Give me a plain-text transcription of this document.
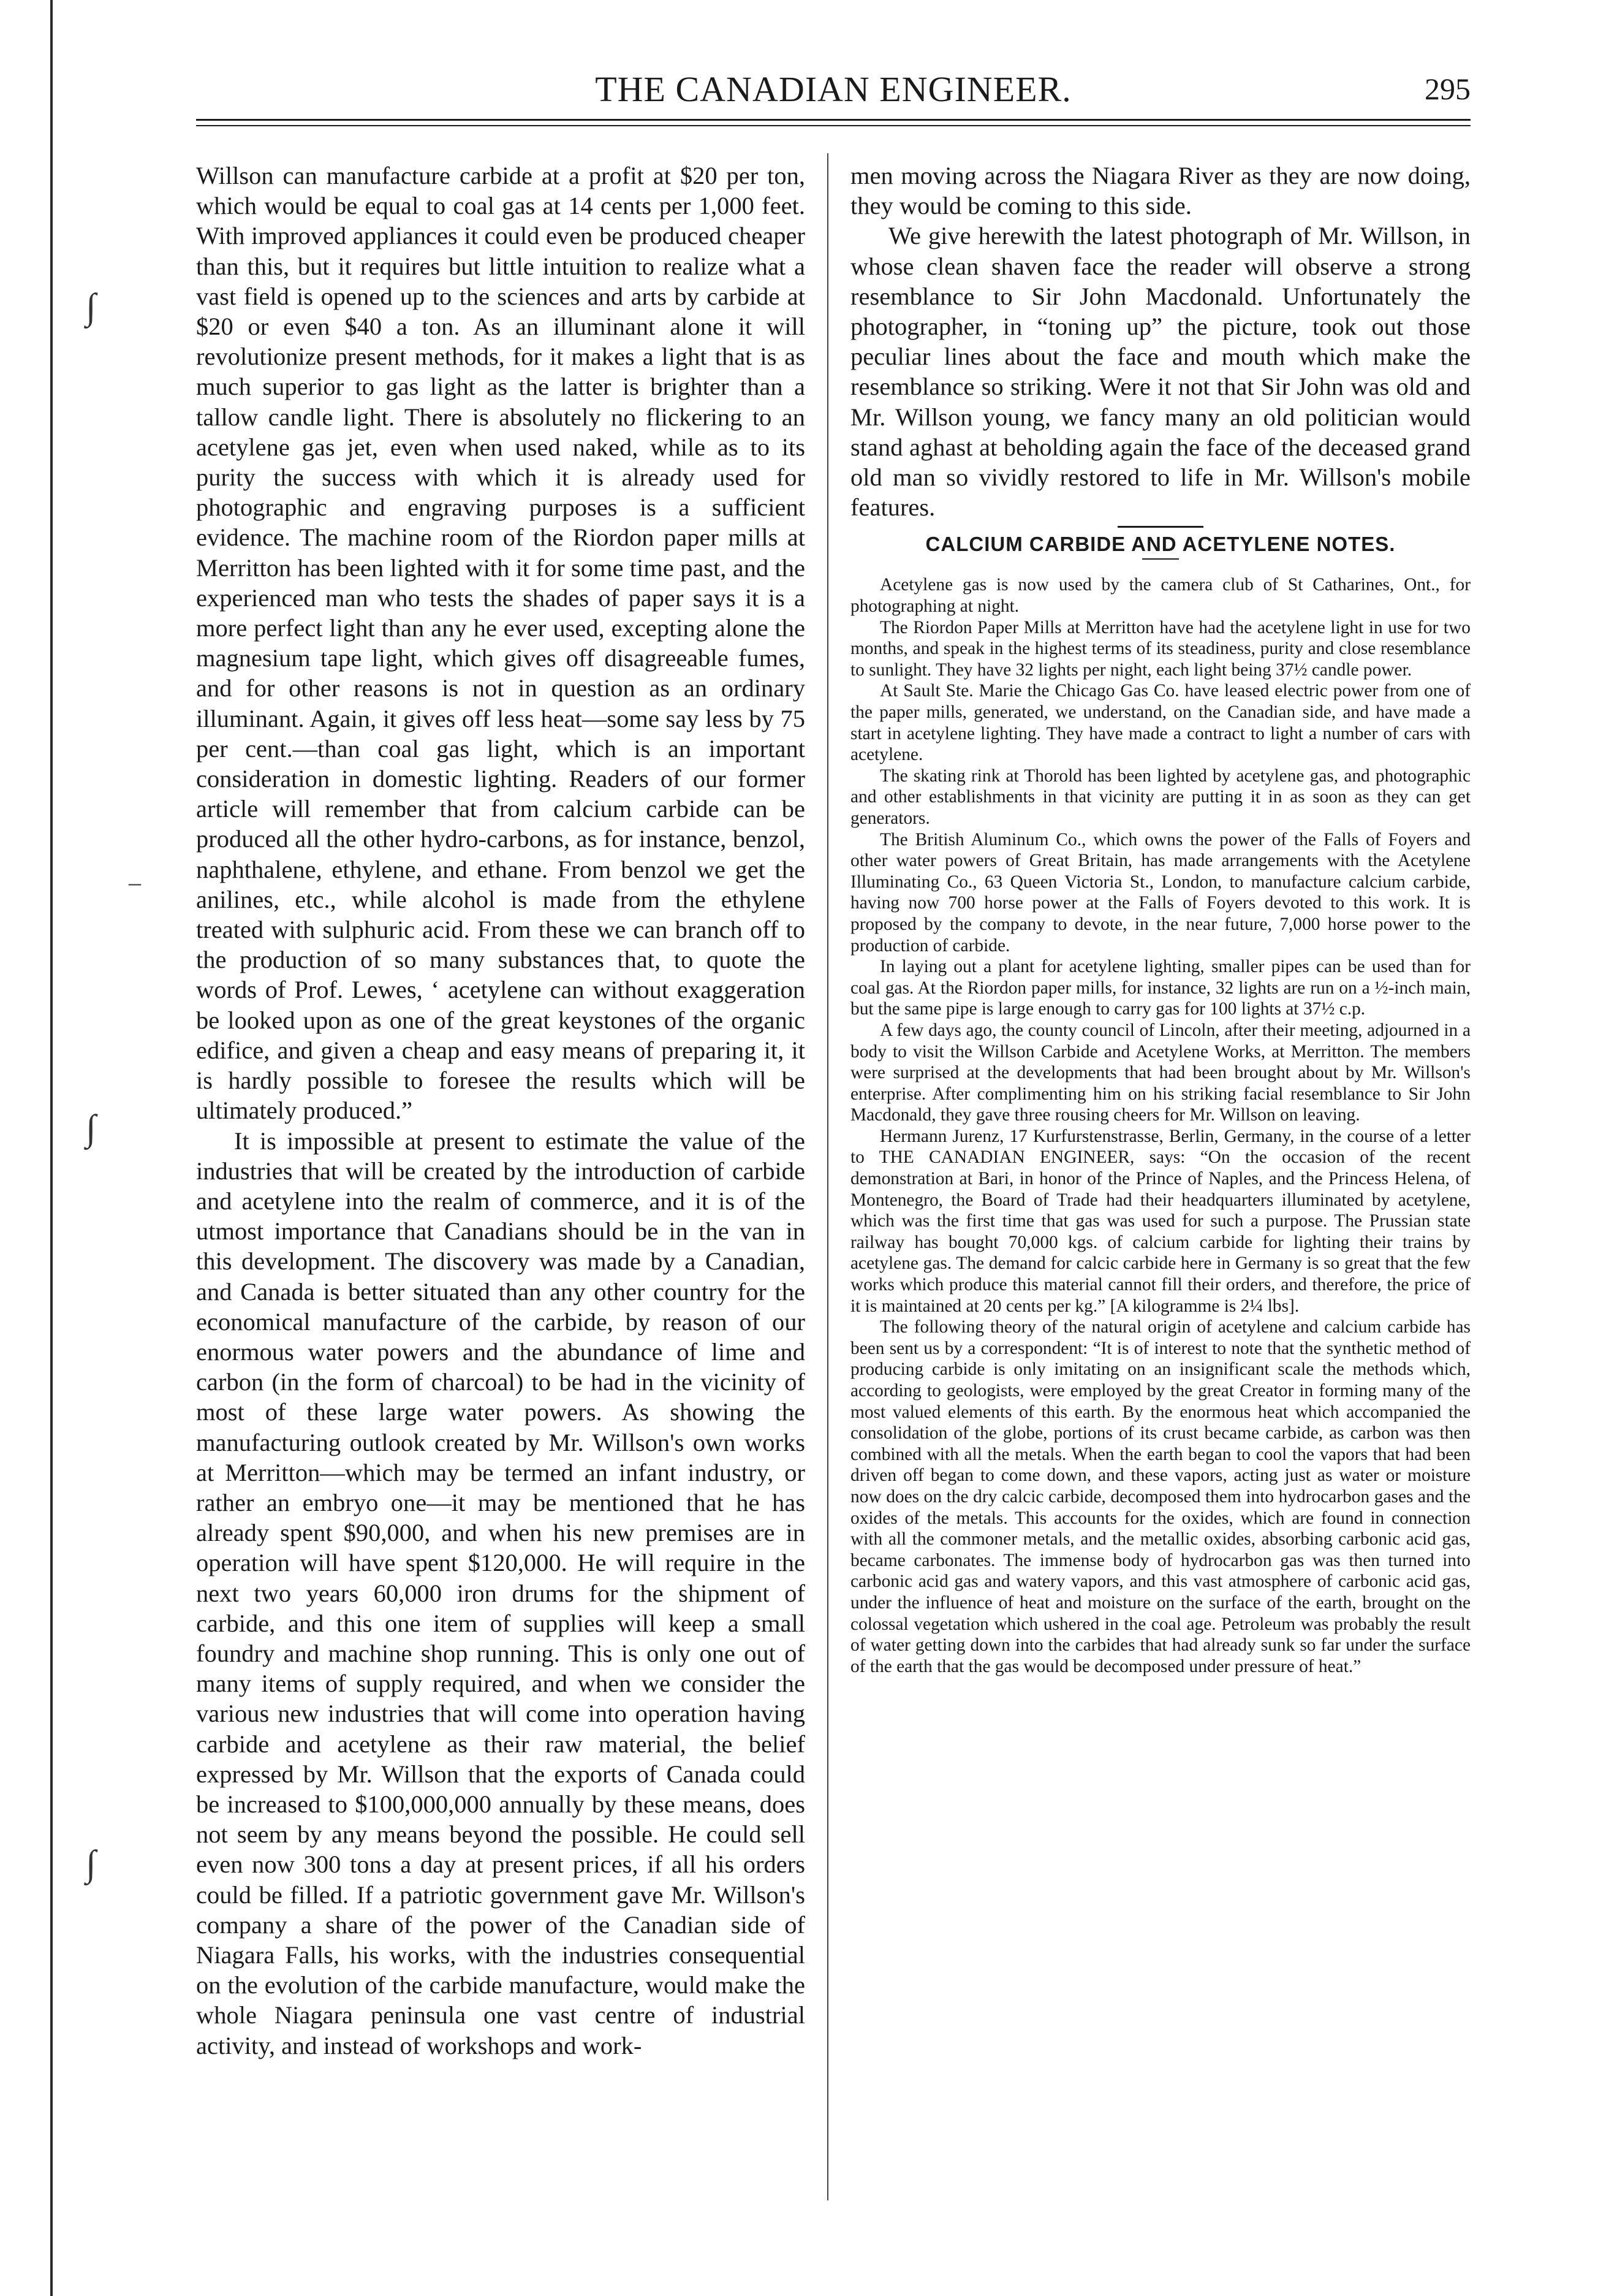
∫
∫
∫
–
THE CANADIAN ENGINEER.	295

Willson can manufacture carbide at a profit at $20 per ton, which would be equal to coal gas at 14 cents per 1,000 feet. With improved appliances it could even be produced cheaper than this, but it requires but little intuition to realize what a vast field is opened up to the sciences and arts by carbide at $20 or even $40 a ton. As an illuminant alone it will revolutionize present methods, for it makes a light that is as much superior to gas light as the latter is brighter than a tallow candle light. There is absolutely no flickering to an acetylene gas jet, even when used naked, while as to its purity the success with which it is already used for photographic and engraving purposes is a sufficient evidence. The machine room of the Riordon paper mills at Merritton has been lighted with it for some time past, and the experienced man who tests the shades of paper says it is a more perfect light than any he ever used, excepting alone the magnesium tape light, which gives off disagreeable fumes, and for other reasons is not in question as an ordinary illuminant. Again, it gives off less heat—some say less by 75 per cent.—than coal gas light, which is an important consideration in domestic lighting. Readers of our former article will remember that from calcium carbide can be produced all the other hydro-carbons, as for instance, benzol, naphthalene, ethylene, and ethane. From benzol we get the anilines, etc., while alcohol is made from the ethylene treated with sulphuric acid. From these we can branch off to the production of so many substances that, to quote the words of Prof. Lewes, ‘ acetylene can without exaggeration be looked upon as one of the great keystones of the organic edifice, and given a cheap and easy means of preparing it, it is hardly possible to foresee the results which will be ultimately produced.”

It is impossible at present to estimate the value of the industries that will be created by the introduction of carbide and acetylene into the realm of commerce, and it is of the utmost importance that Canadians should be in the van in this development. The discovery was made by a Canadian, and Canada is better situated than any other country for the economical manufacture of the carbide, by reason of our enormous water powers and the abundance of lime and carbon (in the form of charcoal) to be had in the vicinity of most of these large water powers. As showing the manufacturing outlook created by Mr. Willson's own works at Merritton—which may be termed an infant industry, or rather an embryo one—it may be mentioned that he has already spent $90,000, and when his new premises are in operation will have spent $120,000. He will require in the next two years 60,000 iron drums for the shipment of carbide, and this one item of supplies will keep a small foundry and machine shop running. This is only one out of many items of supply required, and when we consider the various new industries that will come into operation having carbide and acetylene as their raw material, the belief expressed by Mr. Willson that the exports of Canada could be increased to $100,000,000 annually by these means, does not seem by any means beyond the possible. He could sell even now 300 tons a day at present prices, if all his orders could be filled. If a patriotic government gave Mr. Willson's company a share of the power of the Canadian side of Niagara Falls, his works, with the industries consequential on the evolution of the carbide manufacture, would make the whole Niagara peninsula one vast centre of industrial activity, and instead of workshops and work-

men moving across the Niagara River as they are now doing, they would be coming to this side.

We give herewith the latest photograph of Mr. Willson, in whose clean shaven face the reader will observe a strong resemblance to Sir John Macdonald. Unfortunately the photographer, in “toning up” the picture, took out those peculiar lines about the face and mouth which make the resemblance so striking. Were it not that Sir John was old and Mr. Willson young, we fancy many an old politician would stand aghast at beholding again the face of the deceased grand old man so vividly restored to life in Mr. Willson's mobile features.

CALCIUM CARBIDE AND ACETYLENE NOTES.

Acetylene gas is now used by the camera club of St Catharines, Ont., for photographing at night.

The Riordon Paper Mills at Merritton have had the acetylene light in use for two months, and speak in the highest terms of its steadiness, purity and close resemblance to sunlight. They have 32 lights per night, each light being 37½ candle power.

At Sault Ste. Marie the Chicago Gas Co. have leased electric power from one of the paper mills, generated, we understand, on the Canadian side, and have made a start in acetylene lighting. They have made a contract to light a number of cars with acetylene.

The skating rink at Thorold has been lighted by acetylene gas, and photographic and other establishments in that vicinity are putting it in as soon as they can get generators.

The British Aluminum Co., which owns the power of the Falls of Foyers and other water powers of Great Britain, has made arrangements with the Acetylene Illuminating Co., 63 Queen Victoria St., London, to manufacture calcium carbide, having now 700 horse power at the Falls of Foyers devoted to this work. It is proposed by the company to devote, in the near future, 7,000 horse power to the production of carbide.

In laying out a plant for acetylene lighting, smaller pipes can be used than for coal gas. At the Riordon paper mills, for instance, 32 lights are run on a ½-inch main, but the same pipe is large enough to carry gas for 100 lights at 37½ c.p.

A few days ago, the county council of Lincoln, after their meeting, adjourned in a body to visit the Willson Carbide and Acetylene Works, at Merritton. The members were surprised at the developments that had been brought about by Mr. Willson's enterprise. After complimenting him on his striking facial resemblance to Sir John Macdonald, they gave three rousing cheers for Mr. Willson on leaving.

Hermann Jurenz, 17 Kurfurstenstrasse, Berlin, Germany, in the course of a letter to THE CANADIAN ENGINEER, says: “On the occasion of the recent demonstration at Bari, in honor of the Prince of Naples, and the Princess Helena, of Montenegro, the Board of Trade had their headquarters illuminated by acetylene, which was the first time that gas was used for such a purpose. The Prussian state railway has bought 70,000 kgs. of calcium carbide for lighting their trains by acetylene gas. The demand for calcic carbide here in Germany is so great that the few works which produce this material cannot fill their orders, and therefore, the price of it is maintained at 20 cents per kg.” [A kilogramme is 2¼ lbs].

The following theory of the natural origin of acetylene and calcium carbide has been sent us by a correspondent: “It is of interest to note that the synthetic method of producing carbide is only imitating on an insignificant scale the methods which, according to geologists, were employed by the great Creator in forming many of the most valued elements of this earth. By the enormous heat which accompanied the consolidation of the globe, portions of its crust became carbide, as carbon was then combined with all the metals. When the earth began to cool the vapors that had been driven off began to come down, and these vapors, acting just as water or moisture now does on the dry calcic carbide, decomposed them into hydrocarbon gases and the oxides of the metals. This accounts for the oxides, which are found in connection with all the commoner metals, and the metallic oxides, absorbing carbonic acid gas, became carbonates. The immense body of hydrocarbon gas was then turned into carbonic acid gas and watery vapors, and this vast atmosphere of carbonic acid gas, under the influence of heat and moisture on the surface of the earth, brought on the colossal vegetation which ushered in the coal age. Petroleum was probably the result of water getting down into the carbides that had already sunk so far under the surface of the earth that the gas would be decomposed under pressure of heat.”
